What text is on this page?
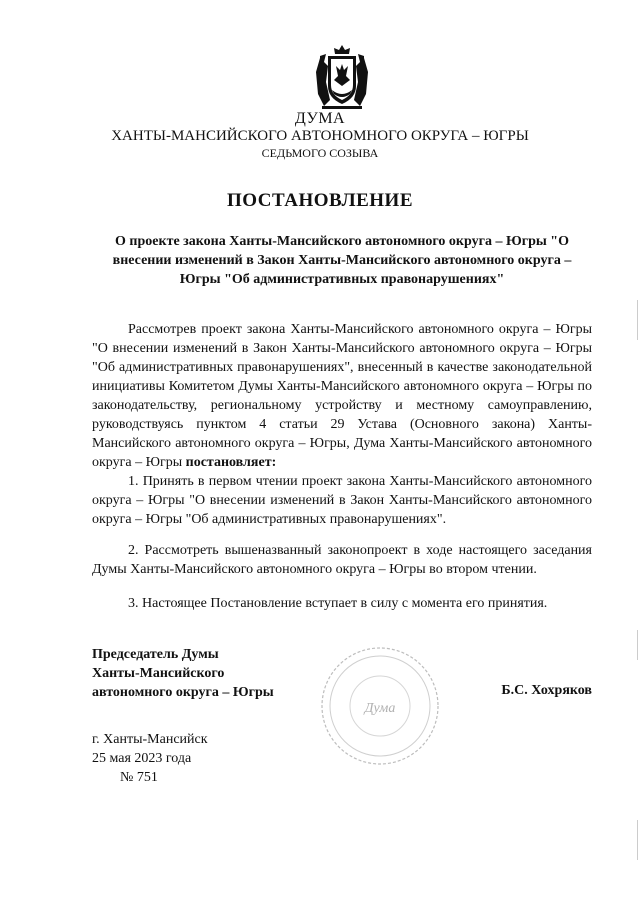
ДУМА
ХАНТЫ-МАНСИЙСКОГО АВТОНОМНОГО ОКРУГА – ЮГРЫ
СЕДЬМОГО СОЗЫВА
ПОСТАНОВЛЕНИЕ
О проекте закона Ханты-Мансийского автономного округа – Югры "О внесении изменений в Закон Ханты-Мансийского автономного округа – Югры "Об административных правонарушениях"
Рассмотрев проект закона Ханты-Мансийского автономного округа – Югры "О внесении изменений в Закон Ханты-Мансийского автономного округа – Югры "Об административных правонарушениях", внесенный в качестве законодательной инициативы Комитетом Думы Ханты-Мансийского автономного округа – Югры по законодательству, региональному устройству и местному самоуправлению, руководствуясь пунктом 4 статьи 29 Устава (Основного закона) Ханты-Мансийского автономного округа – Югры, Дума Ханты-Мансийского автономного округа – Югры постановляет:
1. Принять в первом чтении проект закона Ханты-Мансийского автономного округа – Югры "О внесении изменений в Закон Ханты-Мансийского автономного округа – Югры "Об административных правонарушениях".
2. Рассмотреть вышеназванный законопроект в ходе настоящего заседания Думы Ханты-Мансийского автономного округа – Югры во втором чтении.
3. Настоящее Постановление вступает в силу с момента его принятия.
Председатель Думы
Ханты-Мансийского
автономного округа – Югры
Дума
Б.С. Хохряков
г. Ханты-Мансийск
25 мая 2023 года
№ 751
